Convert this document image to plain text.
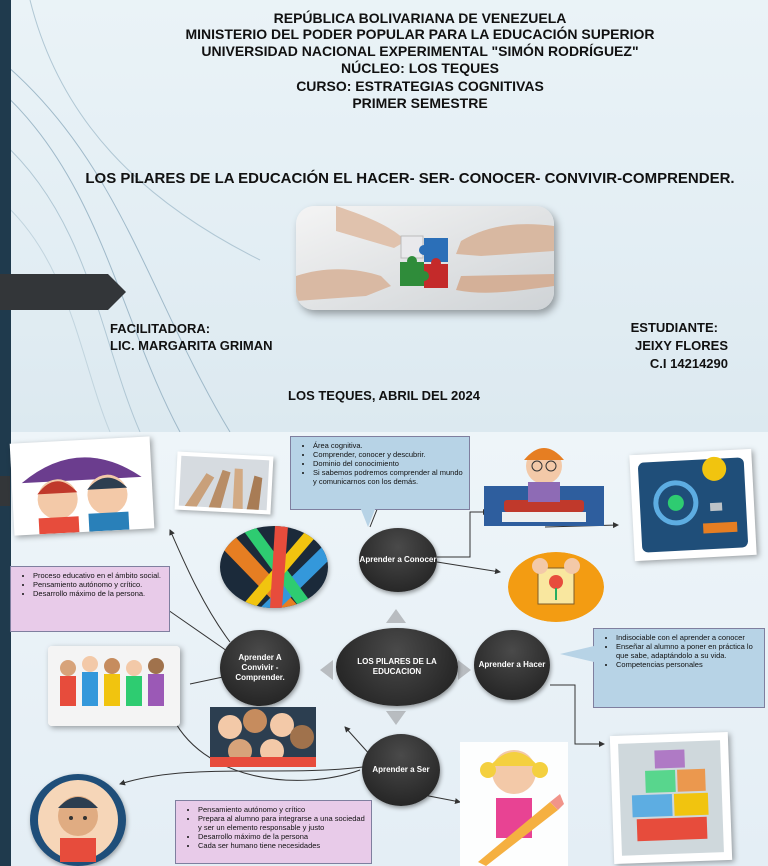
REPÚBLICA BOLIVARIANA DE VENEZUELA

MINISTERIO DEL PODER POPULAR PARA LA EDUCACIÓN SUPERIOR

UNIVERSIDAD NACIONAL EXPERIMENTAL "SIMÓN RODRÍGUEZ"

NÚCLEO: LOS TEQUES

CURSO: ESTRATEGIAS COGNITIVAS

PRIMER SEMESTRE

LOS PILARES DE LA EDUCACIÓN EL HACER- SER- CONOCER- CONVIVIR-COMPRENDER.
FACILITADORA:
LIC. MARGARITA GRIMAN
ESTUDIANTE:
JEIXY FLORES
C.I 14214290
LOS TEQUES, ABRIL DEL 2024
LOS PILARES DE LA EDUCACION
Aprender a Conocer
Aprender a Hacer
Aprender a Ser
Aprender A Convivir - Comprender.
• Área cognitiva.
• Comprender, conocer y descubrir.
• Dominio del conocimiento
• Si sabemos podremos comprender al mundo y comunicarnos con los demás.
• Indisociable con el aprender a conocer
• Enseñar al alumno a poner en práctica lo que sabe, adaptándolo a su vida.
• Competencias personales
• Proceso educativo en el ámbito social.
• Pensamiento autónomo y crítico.
• Desarrollo máximo de la persona.
• Pensamiento autónomo y crítico
• Prepara al alumno para integrarse a una sociedad y ser un elemento responsable y justo
• Desarrollo máximo de la persona
• Cada ser humano tiene necesidades
